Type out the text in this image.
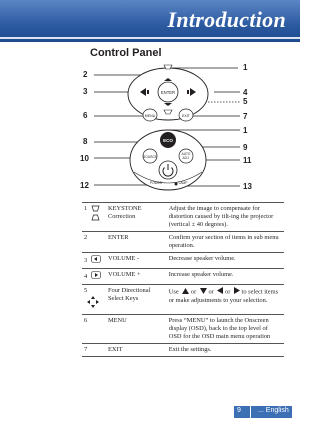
Introduction
Control Panel
ENTER
MENU	EXIT
ECO
SOURCE
AUTO
ADJ.
POWER	LAMP
2
3
6
8
10
12
1
4
5
7
1
9
11
13
1	KEYSTONE Correction	Adjust the image to compensate for distortion caused by tilt-ing the projector (vertical ± 40 degrees).
2	ENTER	Confirm your section of items in sub menu operation.
3	VOLUME -	Decrease speaker volume.
4	VOLUME +	Increase speaker volume.
5	Four Directional Select Keys	Use or or or to select items or make adjustments to your selection.
6	MENU	Press “MENU” to launch the Onscreen display (OSD), back to the top level of OSD for the OSD main menu operation
7	EXIT	Exit the settings.
9 ... English
